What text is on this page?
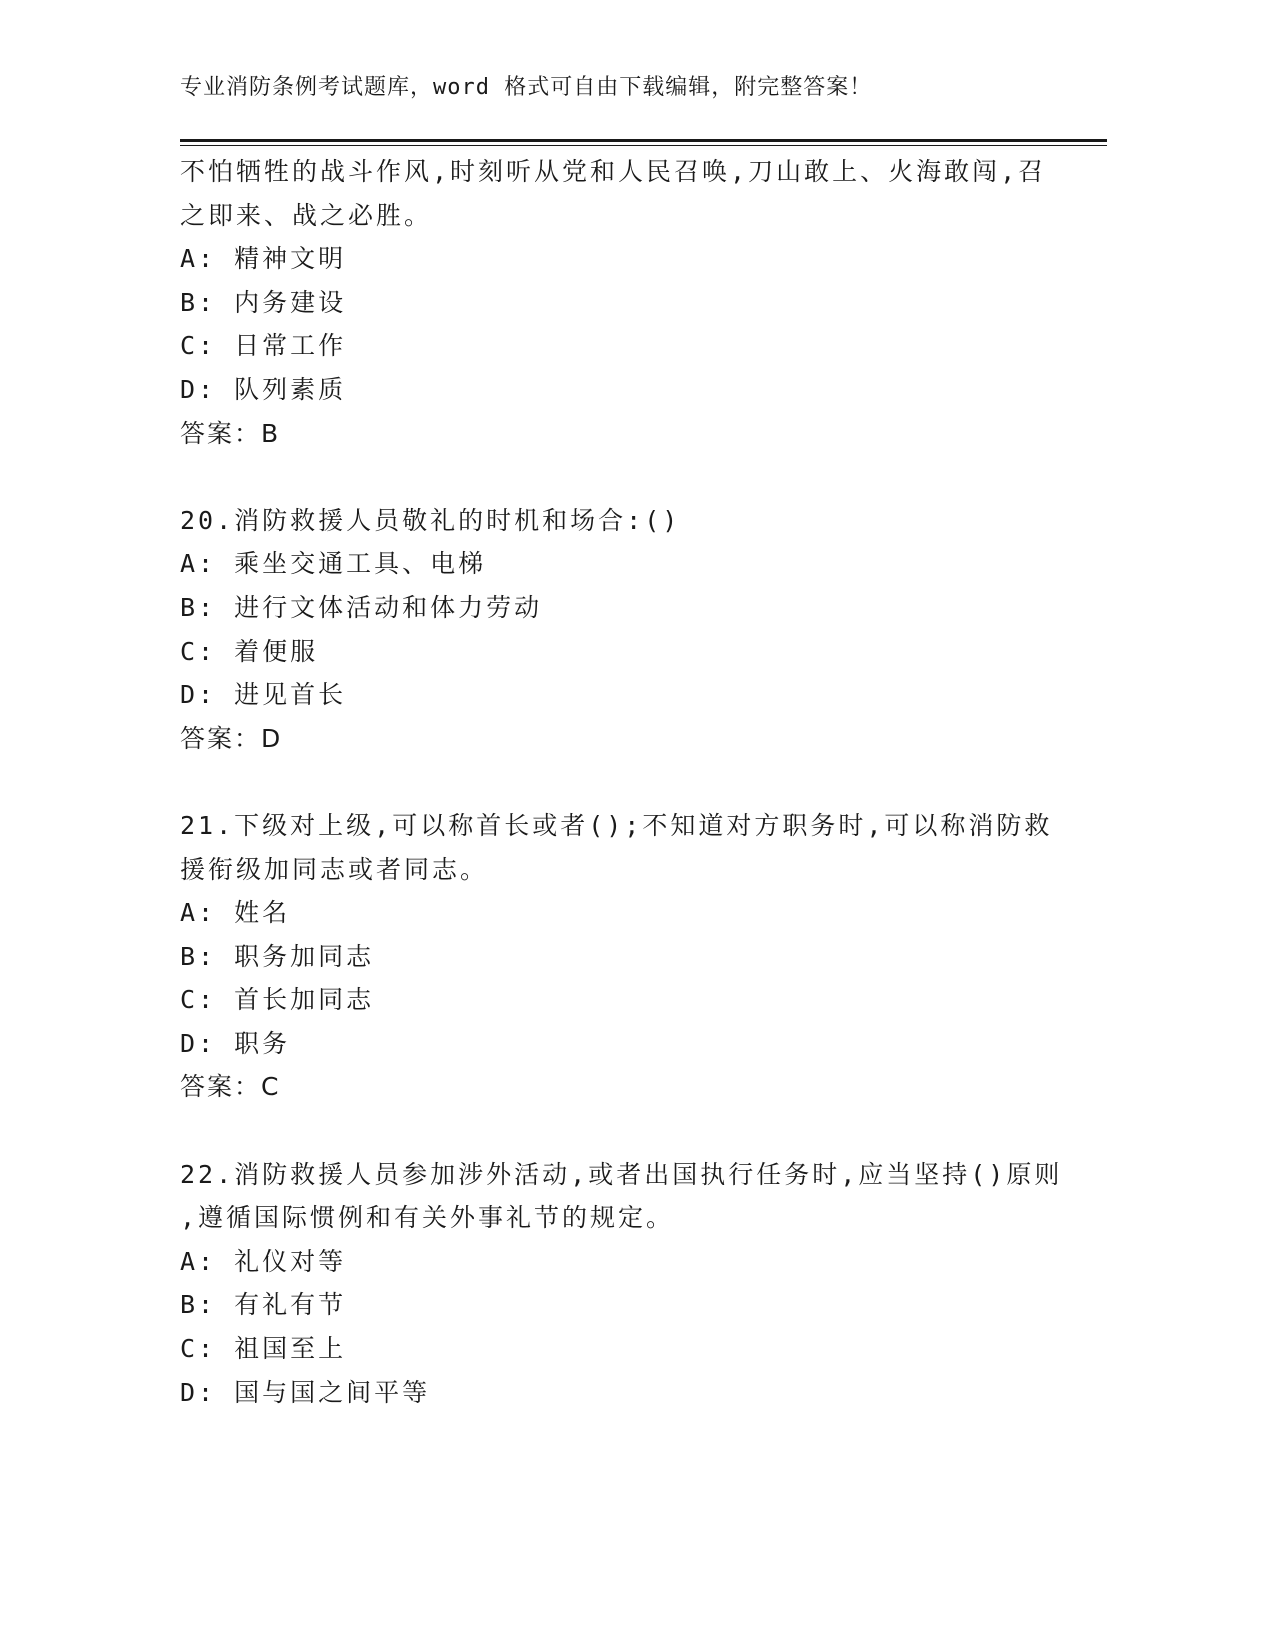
专业消防条例考试题库，word 格式可自由下载编辑，附完整答案！
不怕牺牲的战斗作风,时刻听从党和人民召唤,刀山敢上、火海敢闯,召
之即来、战之必胜。
A: 精神文明
B: 内务建设
C: 日常工作
D: 队列素质
答案：B
20.消防救援人员敬礼的时机和场合:()
A: 乘坐交通工具、电梯
B: 进行文体活动和体力劳动
C: 着便服
D: 进见首长
答案：D
21.下级对上级,可以称首长或者();不知道对方职务时,可以称消防救
援衔级加同志或者同志。
A: 姓名
B: 职务加同志
C: 首长加同志
D: 职务
答案：C
22.消防救援人员参加涉外活动,或者出国执行任务时,应当坚持()原则
,遵循国际惯例和有关外事礼节的规定。
A: 礼仪对等
B: 有礼有节
C: 祖国至上
D: 国与国之间平等
